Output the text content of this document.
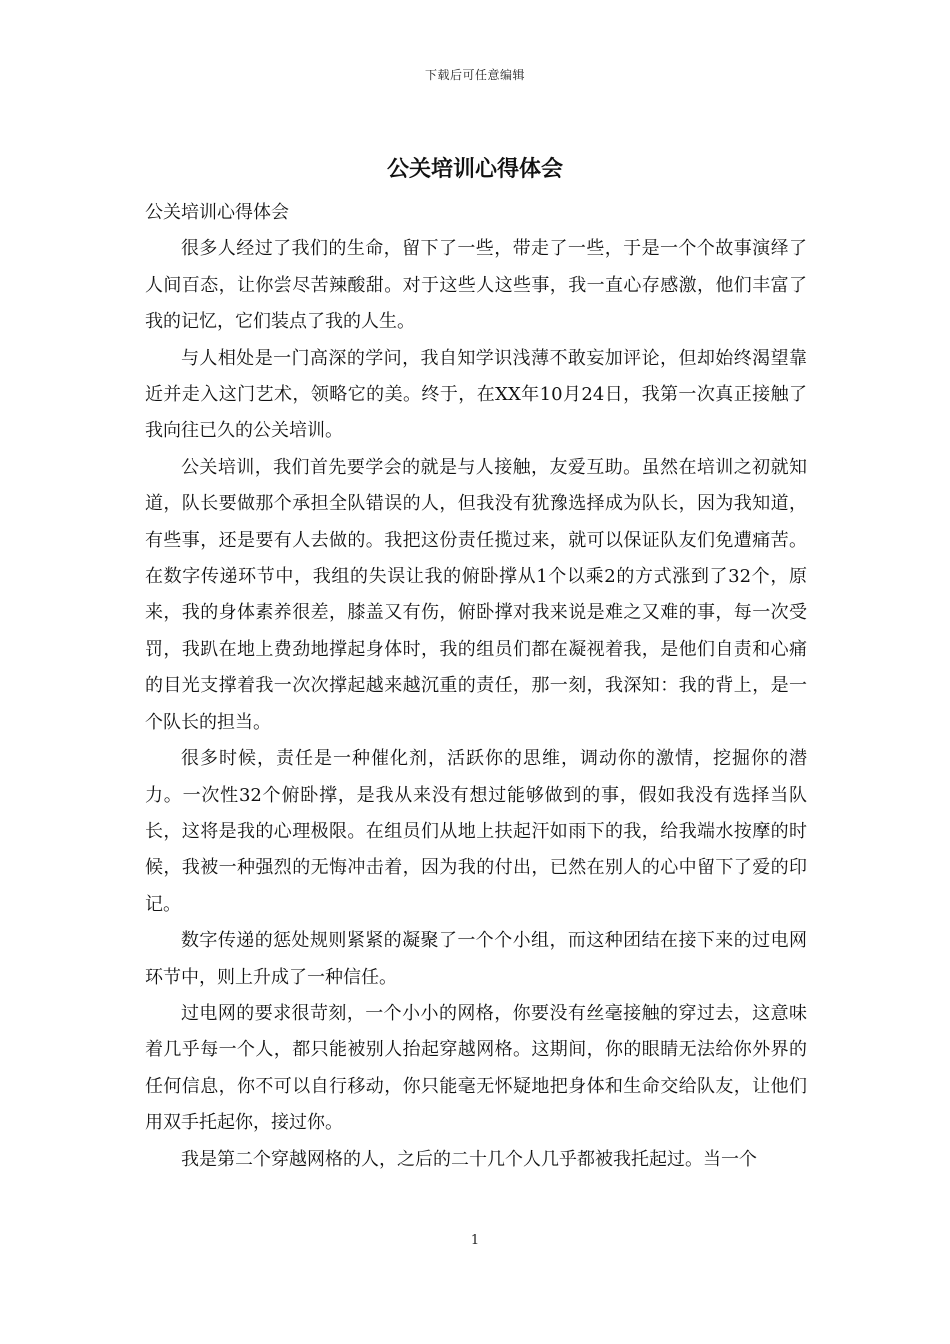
下载后可任意编辑
公关培训心得体会

公关培训心得体会

很多人经过了我们的生命，留下了一些，带走了一些，于是一个个故事演绎了人间百态，让你尝尽苦辣酸甜。对于这些人这些事，我一直心存感激，他们丰富了我的记忆，它们装点了我的人生。

与人相处是一门高深的学问，我自知学识浅薄不敢妄加评论，但却始终渴望靠近并走入这门艺术，领略它的美。终于，在XX年10月24日，我第一次真正接触了我向往已久的公关培训。

公关培训，我们首先要学会的就是与人接触，友爱互助。虽然在培训之初就知道，队长要做那个承担全队错误的人，但我没有犹豫选择成为队长，因为我知道，有些事，还是要有人去做的。我把这份责任揽过来，就可以保证队友们免遭痛苦。在数字传递环节中，我组的失误让我的俯卧撑从1个以乘2的方式涨到了32个，原来，我的身体素养很差，膝盖又有伤，俯卧撑对我来说是难之又难的事，每一次受罚，我趴在地上费劲地撑起身体时，我的组员们都在凝视着我，是他们自责和心痛的目光支撑着我一次次撑起越来越沉重的责任，那一刻，我深知：我的背上，是一个队长的担当。

很多时候，责任是一种催化剂，活跃你的思维，调动你的激情，挖掘你的潜力。一次性32个俯卧撑，是我从来没有想过能够做到的事，假如我没有选择当队长，这将是我的心理极限。在组员们从地上扶起汗如雨下的我，给我端水按摩的时候，我被一种强烈的无悔冲击着，因为我的付出，已然在别人的心中留下了爱的印记。

数字传递的惩处规则紧紧的凝聚了一个个小组，而这种团结在接下来的过电网环节中，则上升成了一种信任。

过电网的要求很苛刻，一个小小的网格，你要没有丝毫接触的穿过去，这意味着几乎每一个人，都只能被别人抬起穿越网格。这期间，你的眼睛无法给你外界的任何信息，你不可以自行移动，你只能毫无怀疑地把身体和生命交给队友，让他们用双手托起你，接过你。

我是第二个穿越网格的人，之后的二十几个人几乎都被我托起过。当一个

1
